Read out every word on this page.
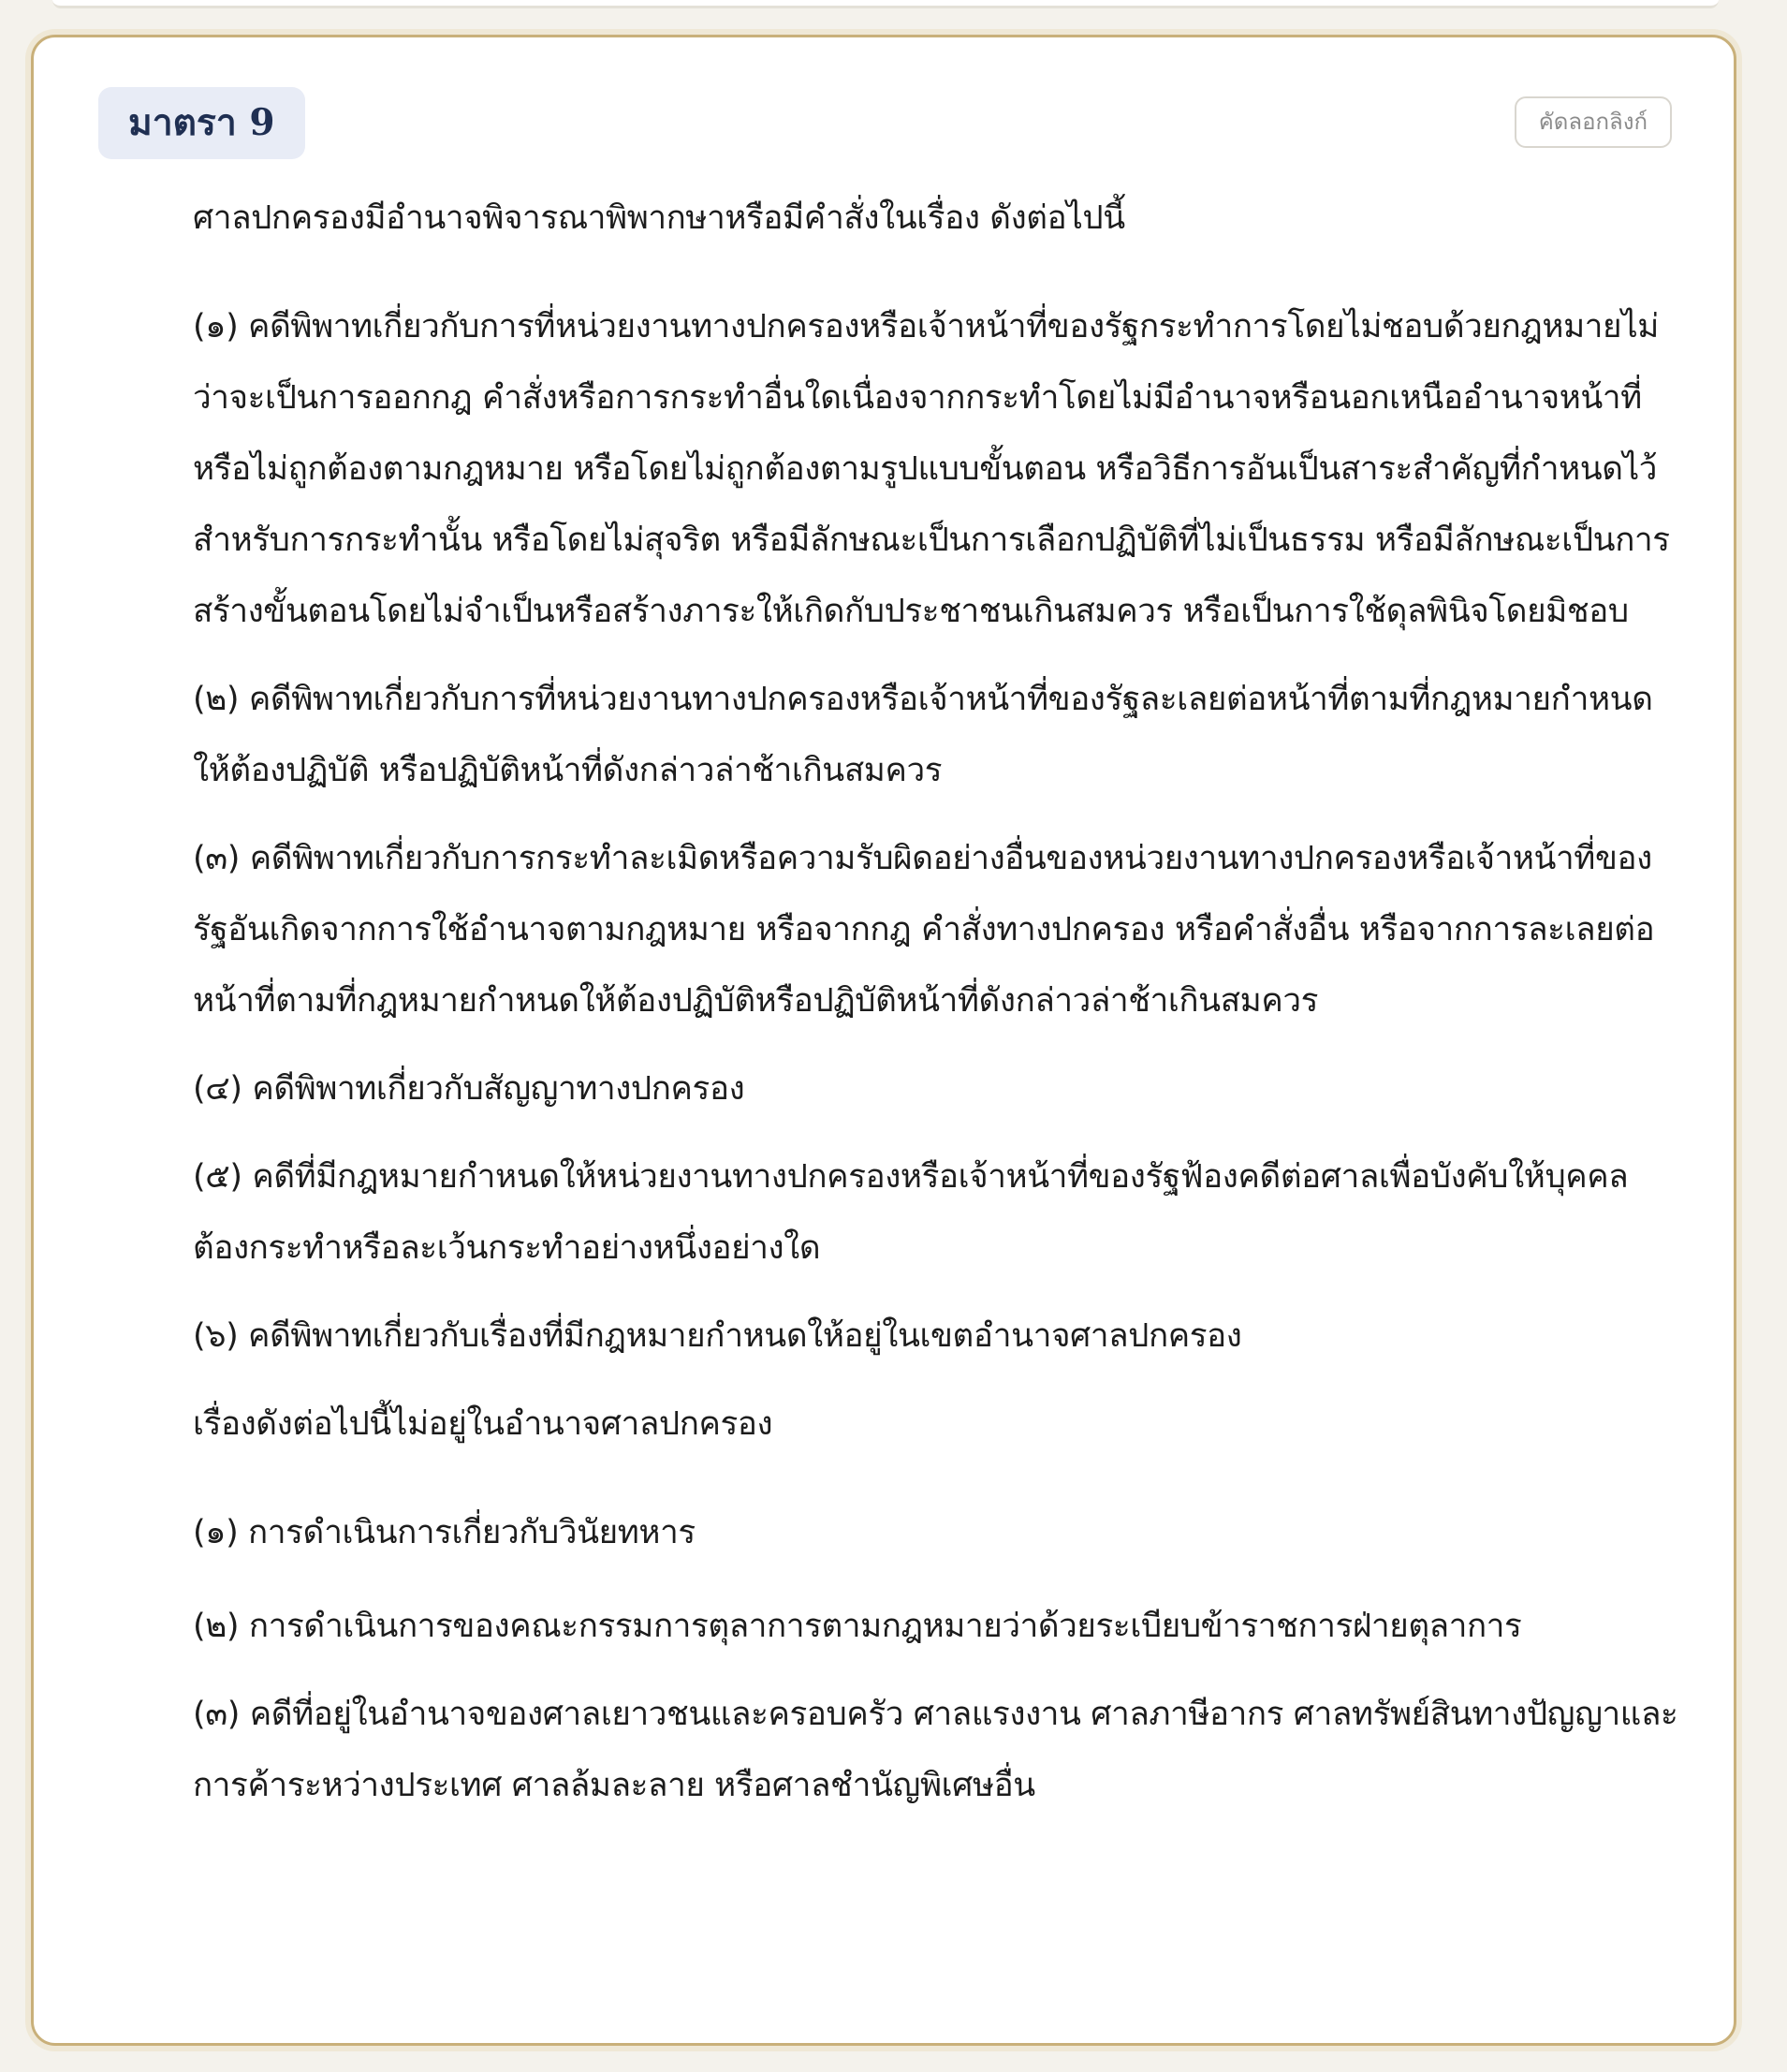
มาตรา 9	คัดลอกลิงก์

ศาลปกครองมีอำนาจพิจารณาพิพากษาหรือมีคำสั่งในเรื่อง ดังต่อไปนี้

(๑) คดีพิพาทเกี่ยวกับการที่หน่วยงานทางปกครองหรือเจ้าหน้าที่ของรัฐกระทำการโดยไม่ชอบด้วยกฎหมายไม่ว่าจะเป็นการออกกฎ คำสั่งหรือการกระทำอื่นใดเนื่องจากกระทำโดยไม่มีอำนาจหรือนอกเหนืออำนาจหน้าที่หรือไม่ถูกต้องตามกฎหมาย หรือโดยไม่ถูกต้องตามรูปแบบขั้นตอน หรือวิธีการอันเป็นสาระสำคัญที่กำหนดไว้สำหรับการกระทำนั้น หรือโดยไม่สุจริต หรือมีลักษณะเป็นการเลือกปฏิบัติที่ไม่เป็นธรรม หรือมีลักษณะเป็นการสร้างขั้นตอนโดยไม่จำเป็นหรือสร้างภาระให้เกิดกับประชาชนเกินสมควร หรือเป็นการใช้ดุลพินิจโดยมิชอบ

(๒) คดีพิพาทเกี่ยวกับการที่หน่วยงานทางปกครองหรือเจ้าหน้าที่ของรัฐละเลยต่อหน้าที่ตามที่กฎหมายกำหนดให้ต้องปฏิบัติ หรือปฏิบัติหน้าที่ดังกล่าวล่าช้าเกินสมควร

(๓) คดีพิพาทเกี่ยวกับการกระทำละเมิดหรือความรับผิดอย่างอื่นของหน่วยงานทางปกครองหรือเจ้าหน้าที่ของรัฐอันเกิดจากการใช้อำนาจตามกฎหมาย หรือจากกฎ คำสั่งทางปกครอง หรือคำสั่งอื่น หรือจากการละเลยต่อหน้าที่ตามที่กฎหมายกำหนดให้ต้องปฏิบัติหรือปฏิบัติหน้าที่ดังกล่าวล่าช้าเกินสมควร

(๔) คดีพิพาทเกี่ยวกับสัญญาทางปกครอง

(๕) คดีที่มีกฎหมายกำหนดให้หน่วยงานทางปกครองหรือเจ้าหน้าที่ของรัฐฟ้องคดีต่อศาลเพื่อบังคับให้บุคคลต้องกระทำหรือละเว้นกระทำอย่างหนึ่งอย่างใด

(๖) คดีพิพาทเกี่ยวกับเรื่องที่มีกฎหมายกำหนดให้อยู่ในเขตอำนาจศาลปกครอง

เรื่องดังต่อไปนี้ไม่อยู่ในอำนาจศาลปกครอง

(๑) การดำเนินการเกี่ยวกับวินัยทหาร

(๒) การดำเนินการของคณะกรรมการตุลาการตามกฎหมายว่าด้วยระเบียบข้าราชการฝ่ายตุลาการ

(๓) คดีที่อยู่ในอำนาจของศาลเยาวชนและครอบครัว ศาลแรงงาน ศาลภาษีอากร ศาลทรัพย์สินทางปัญญาและการค้าระหว่างประเทศ ศาลล้มละลาย หรือศาลชำนัญพิเศษอื่น
